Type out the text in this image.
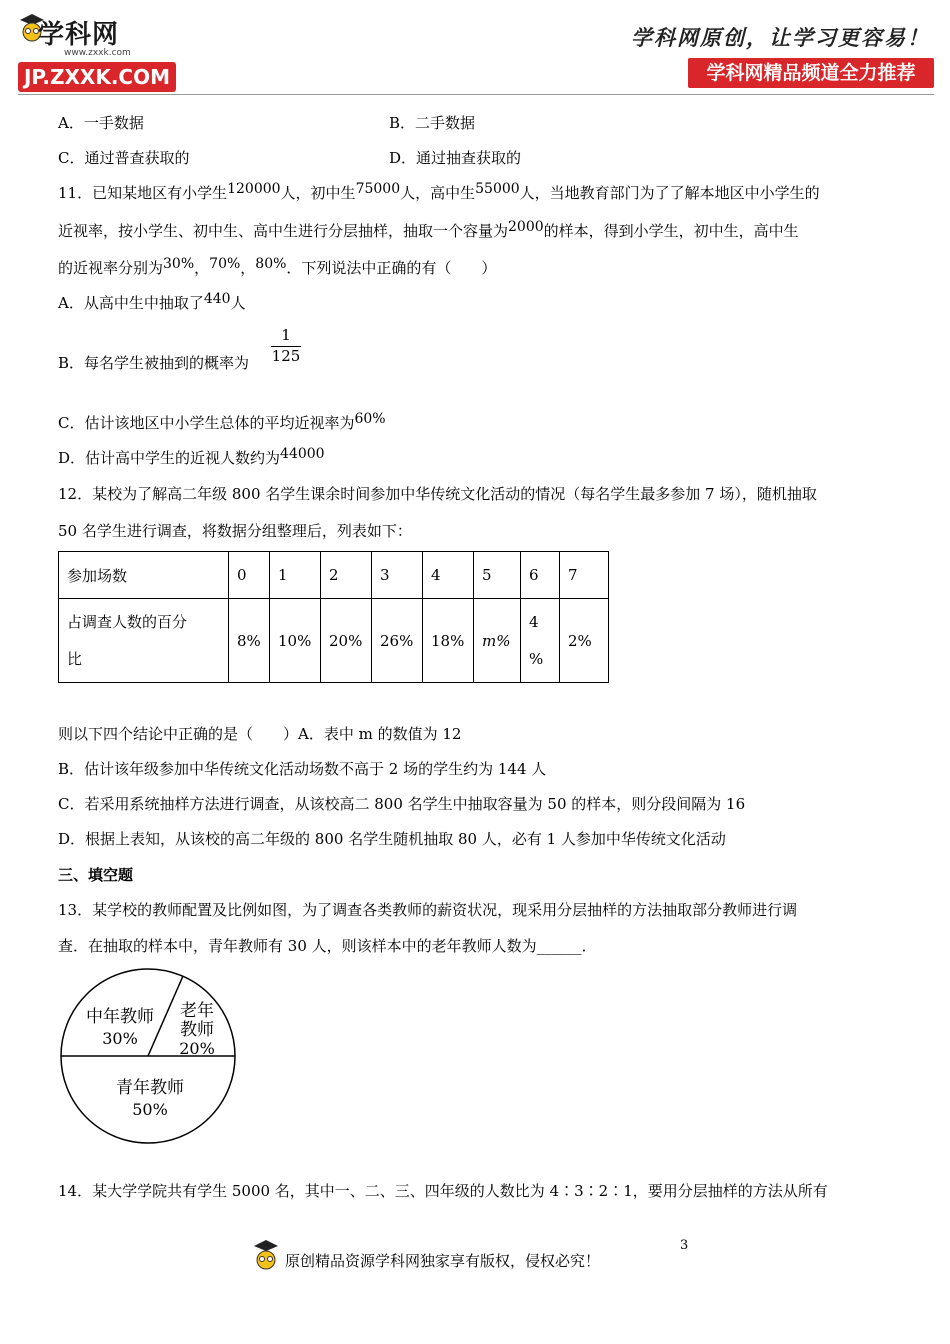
学科网
www.zxxk.com
JP.ZXXK.COM
学科网原创，让学习更容易！
学科网精品频道全力推荐
A．一手数据	B．二手数据
C．通过普查获取的	D．通过抽查获取的
11．已知某地区有小学生120000人，初中生75000人，高中生55000人，当地教育部门为了了解本地区中小学生的
近视率，按小学生、初中生、高中生进行分层抽样，抽取一个容量为2000的样本，得到小学生，初中生，高中生
的近视率分别为30%，70%，80%．下列说法中正确的有（　　）
A．从高中生中抽取了440人
B．每名学生被抽到的概率为 $\frac{1}{125}$
C．估计该地区中小学生总体的平均近视率为60%
D．估计高中学生的近视人数约为44000
12．某校为了解高二年级 800 名学生课余时间参加中华传统文化活动的情况（每名学生最多参加 7 场），随机抽取
50 名学生进行调查，将数据分组整理后，列表如下：
参加场数	0	1	2	3	4	5	6	7

占调查人数的百分
比	8%	10%	20%	26%	18%	m%	4 %	2%
则以下四个结论中正确的是（　　）A．表中 m 的数值为 12
B．估计该年级参加中华传统文化活动场数不高于 2 场的学生约为 144 人
C．若采用系统抽样方法进行调查，从该校高二 800 名学生中抽取容量为 50 的样本，则分段间隔为 16
D．根据上表知，从该校的高二年级的 800 名学生随机抽取 80 人，必有 1 人参加中华传统文化活动
三、填空题
13．某学校的教师配置及比例如图，为了调查各类教师的薪资状况，现采用分层抽样的方法抽取部分教师进行调
查．在抽取的样本中，青年教师有 30 人，则该样本中的老年教师人数为______．
中年教师
30%
老年
教师
20%
青年教师
50%
14．某大学学院共有学生 5000 名，其中一、二、三、四年级的人数比为 4∶3∶2∶1，要用分层抽样的方法从所有
3
原创精品资源学科网独家享有版权，侵权必究！
